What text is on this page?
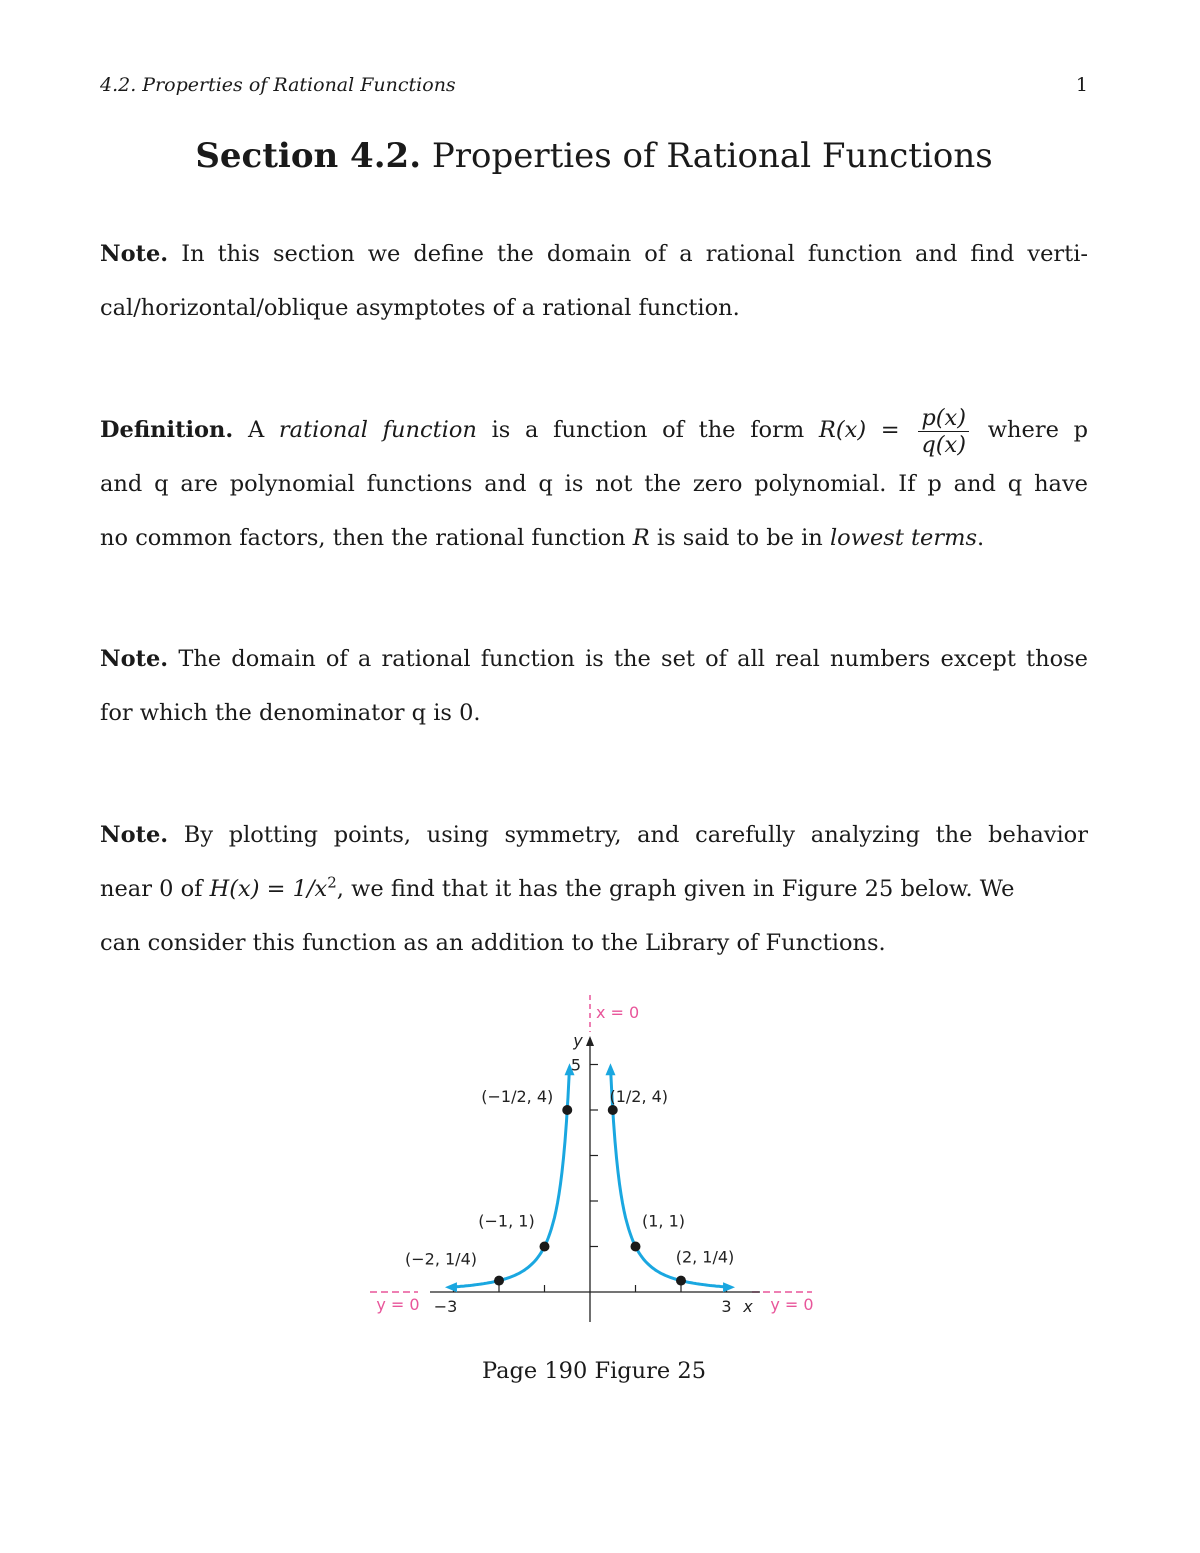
4.2. Properties of Rational Functions	1
Section 4.2. Properties of Rational Functions
Note. In this section we define the domain of a rational function and find verti-
cal/horizontal/oblique asymptotes of a rational function.
Definition. A rational function is a function of the form $R(x) = \frac{p(x)}{q(x)}$ where p
and q are polynomial functions and q is not the zero polynomial. If p and q have
no common factors, then the rational function R is said to be in lowest terms.
Note. The domain of a rational function is the set of all real numbers except those
for which the denominator q is 0.
Note. By plotting points, using symmetry, and carefully analyzing the behavior
near 0 of $H(x) = 1/x^2$, we find that it has the graph given in Figure 25 below. We
can consider this function as an addition to the Library of Functions.
x = 0
y = 0	y = 0
−3	3
5
x
y
(−2, 1/4)
(−1, 1)
(−1/2, 4)	(1/2, 4)
(1, 1)
(2, 1/4)
Page 190 Figure 25
